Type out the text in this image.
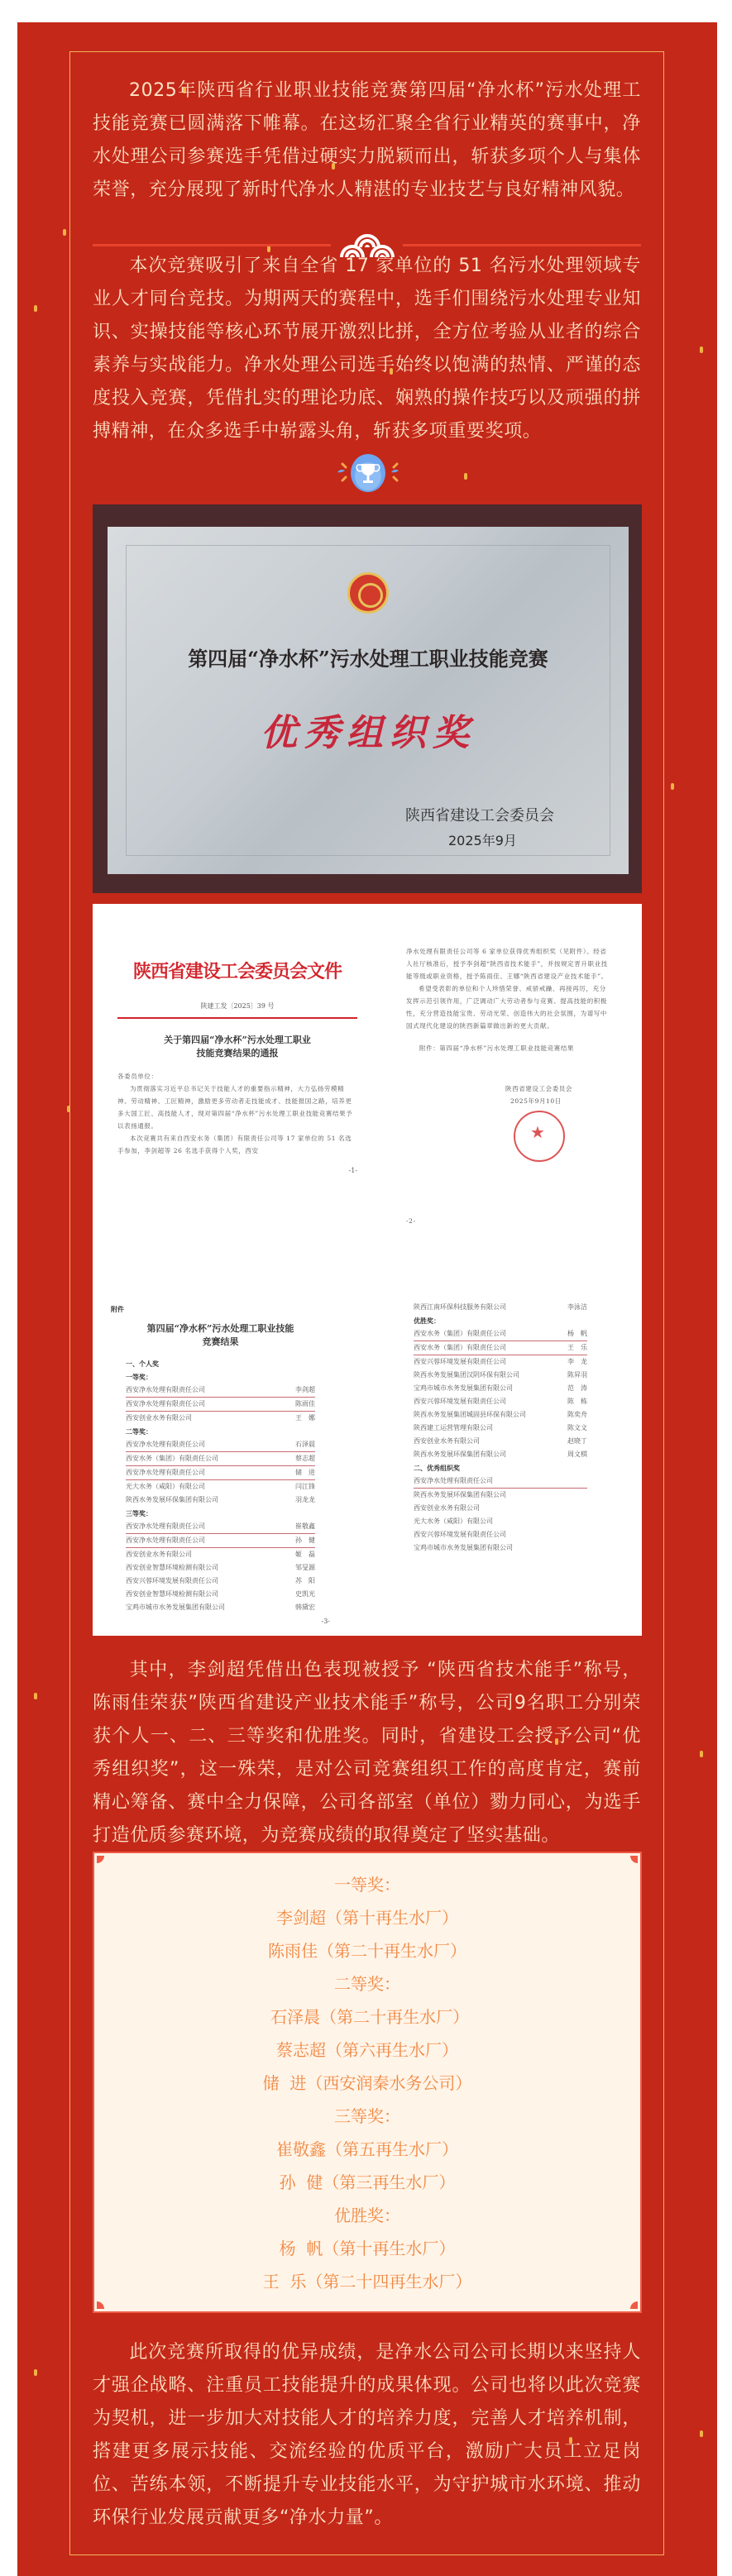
2025年陕西省行业职业技能竞赛第四届“净水杯”污水处理工技能竞赛已圆满落下帷幕。在这场汇聚全省行业精英的赛事中，净水处理公司参赛选手凭借过硬实力脱颖而出，斩获多项个人与集体荣誉，充分展现了新时代净水人精湛的专业技艺与良好精神风貌。
本次竞赛吸引了来自全省 17 家单位的 51 名污水处理领域专业人才同台竞技。为期两天的赛程中，选手们围绕污水处理专业知识、实操技能等核心环节展开激烈比拼，全方位考验从业者的综合素养与实战能力。净水处理公司选手始终以饱满的热情、严谨的态度投入竞赛，凭借扎实的理论功底、娴熟的操作技巧以及顽强的拼搏精神，在众多选手中崭露头角，斩获多项重要奖项。
第四届“净水杯”污水处理工职业技能竞赛
优秀组织奖
陕西省建设工会委员会
2025年9月
陕西省建设工会委员会文件
陕建工发〔2025〕39 号
关于第四届“净水杯”污水处理工职业
技能竞赛结果的通报
各委员单位：
为贯彻落实习近平总书记关于技能人才的重要指示精神，大力弘扬劳模精神、劳动精神、工匠精神，激励更多劳动者走技能成才、技能报国之路，培养更多大国工匠、高技能人才，现对第四届“净水杯”污水处理工职业技能竞赛结果予以表扬通报。
本次竞赛共有来自西安水务（集团）有限责任公司等 17 家单位的 51 名选手参加，李剑超等 26 名选手获得个人奖，西安
-1-
净水处理有限责任公司等 6 家单位获得优秀组织奖（见附件）。经省人社厅核准后，授予李剑超“陕西省技术能手”，并按规定晋升职业技能等级或职业资格，授予陈雨佳、王娜“陕西省建设产业技术能手”。
希望受表彰的单位和个人珍惜荣誉、戒骄戒躁、再接再厉，充分发挥示范引领作用，广泛调动广大劳动者参与竞赛、提高技能的积极性，充分营造技能宝贵、劳动光荣、创造伟大的社会氛围，为谱写中国式现代化建设的陕西新篇章做出新的更大贡献。
附件：第四届“净水杯”污水处理工职业技能竞赛结果
陕西省建设工会委员会
2025年9月10日
★
-2-
附件
第四届“净水杯”污水处理工职业技能
竞赛结果
一、个人奖
一等奖：
西安净水处理有限责任公司	李剑超
西安净水处理有限责任公司	陈雨佳
西安创业水务有限公司	王　娜
二等奖：
西安净水处理有限责任公司	石泽晨
西安水务（集团）有限责任公司	蔡志超
西安净水处理有限责任公司	储　进
光大水务（咸阳）有限公司	闫江锋
陕西水务发展环保集团有限公司	羽龙龙
三等奖：
西安净水处理有限责任公司	崔敬鑫
西安净水处理有限责任公司	孙　健
西安创业水务有限公司	姬　磊
西安创业智慧环境检测有限公司	邹旻源
西安兴蓉环境发展有限责任公司	苏　阳
西安创业智慧环境检测有限公司	史凯光
宝鸡市城市水务发展集团有限公司	韩黛宏
-3-
陕西江南环保科技服务有限公司	李泳洁
优胜奖：
西安水务（集团）有限责任公司	杨　帆
西安水务（集团）有限责任公司	王　乐
西安兴蓉环境发展有限责任公司	李　龙
陕西水务发展集团汉阴环保有限公司	陈昇羽
宝鸡市城市水务发展集团有限公司	范　涛
西安兴蓉环境发展有限责任公司	陈　栋
陕西水务发展集团城固县环保有限公司	陈奕舟
陕西建工运营管理有限公司	陈文文
西安创业水务有限公司	赵晓丁
陕西水务发展环保集团有限公司	周文棋
二、优秀组织奖
西安净水处理有限责任公司
陕西水务发展环保集团有限公司
西安创业水务有限公司
光大水务（咸阳）有限公司
西安兴蓉环境发展有限责任公司
宝鸡市城市水务发展集团有限公司
其中，李剑超凭借出色表现被授予 “陕西省技术能手”称号，陈雨佳荣获”陕西省建设产业技术能手”称号，公司9名职工分别荣获个人一、二、三等奖和优胜奖。同时，省建设工会授予公司“优秀组织奖”，这一殊荣，是对公司竞赛组织工作的高度肯定，赛前精心筹备、赛中全力保障，公司各部室（单位）勠力同心，为选手打造优质参赛环境，为竞赛成绩的取得奠定了坚实基础。
一等奖：
李剑超（第十再生水厂）
陈雨佳（第二十再生水厂）
二等奖：
石泽晨（第二十再生水厂）
蔡志超（第六再生水厂）
储  进（西安润秦水务公司）
三等奖：
崔敬鑫（第五再生水厂）
孙  健（第三再生水厂）
优胜奖：
杨  帆（第十再生水厂）
王  乐（第二十四再生水厂）
此次竞赛所取得的优异成绩，是净水公司公司长期以来坚持人才强企战略、注重员工技能提升的成果体现。公司也将以此次竞赛为契机，进一步加大对技能人才的培养力度，完善人才培养机制，搭建更多展示技能、交流经验的优质平台，激励广大员工立足岗位、苦练本领，不断提升专业技能水平，为守护城市水环境、推动环保行业发展贡献更多“净水力量”。
